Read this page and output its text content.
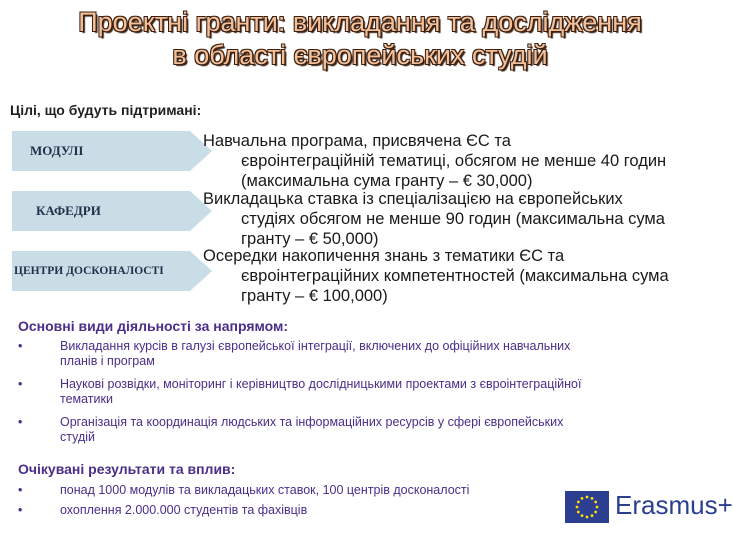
Проектні гранти: викладання та дослідження
в області європейських студій
Цілі, що будуть підтримані:
МОДУЛІ
Навчальна програма, присвячена ЄС та
євроінтеграційній тематиці, обсягом не менше 40 годин (максимальна сума гранту – € 30,000)
КАФЕДРИ
Викладацька ставка із спеціалізацією на європейських
студіях обсягом не менше 90 годин (максимальна сума гранту – € 50,000)
ЦЕНТРИ ДОСКОНАЛОСТІ
Осередки накопичення знань з тематики ЄС та
євроінтеграційних компетентностей (максимальна сума гранту – € 100,000)
Основні види діяльності за напрямом:
•	Викладання курсів в галузі європейської інтеграції, включених до офіційних навчальних планів і програм
•	Наукові розвідки, моніторинг і керівництво дослідницькими проектами з євроінтеграційної тематики
•	Організація та координація людських та інформаційних ресурсів у сфері європейських студій
Очікувані результати та вплив:
•	понад 1000 модулів та викладацьких ставок, 100 центрів досконалості
•	охоплення 2.000.000 студентів та фахівців	Erasmus+
